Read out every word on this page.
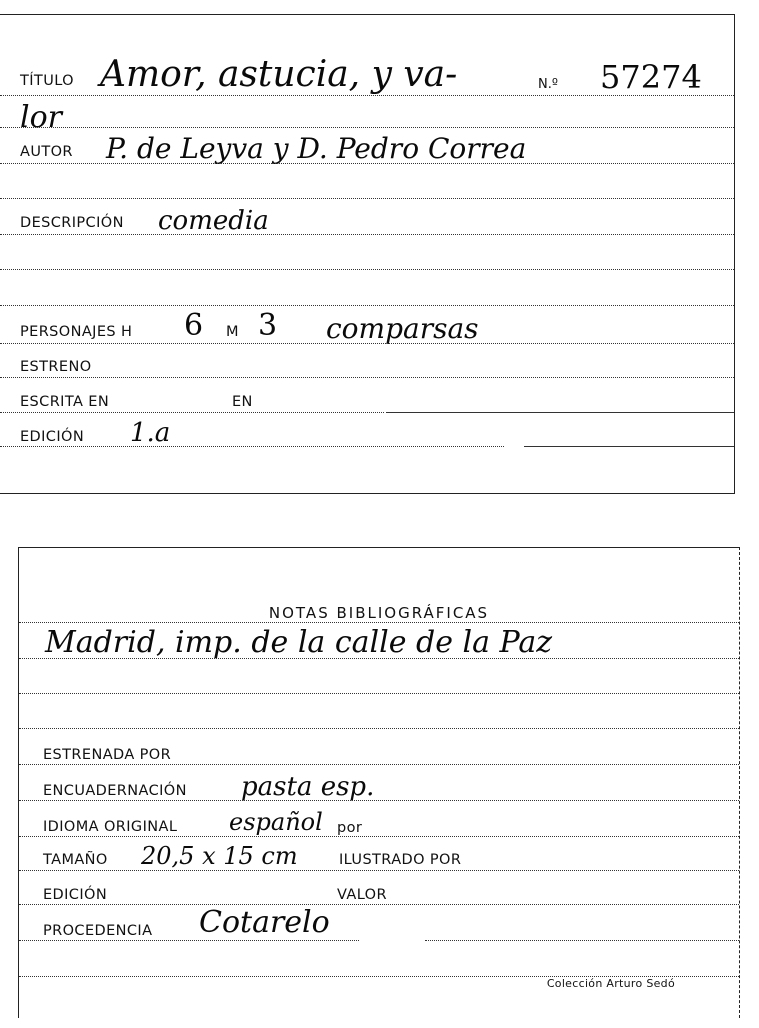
TÍTULO Amor, astucia, y va-	N.º 57274
lor
AUTOR P. de Leyva y D. Pedro Correa
DESCRIPCIÓN comedia
PERSONAJES H 6 M 3 comparsas
ESTRENO
ESCRITA EN	EN
EDICIÓN 1.a
NOTAS BIBLIOGRÁFICAS
Madrid, imp. de la calle de la Paz
ESTRENADA POR
ENCUADERNACIÓN pasta esp.
IDIOMA ORIGINAL español por
TAMAÑO 20,5 x 15 cm	ILUSTRADO POR
EDICIÓN	VALOR
PROCEDENCIA Cotarelo
Colección Arturo Sedó
